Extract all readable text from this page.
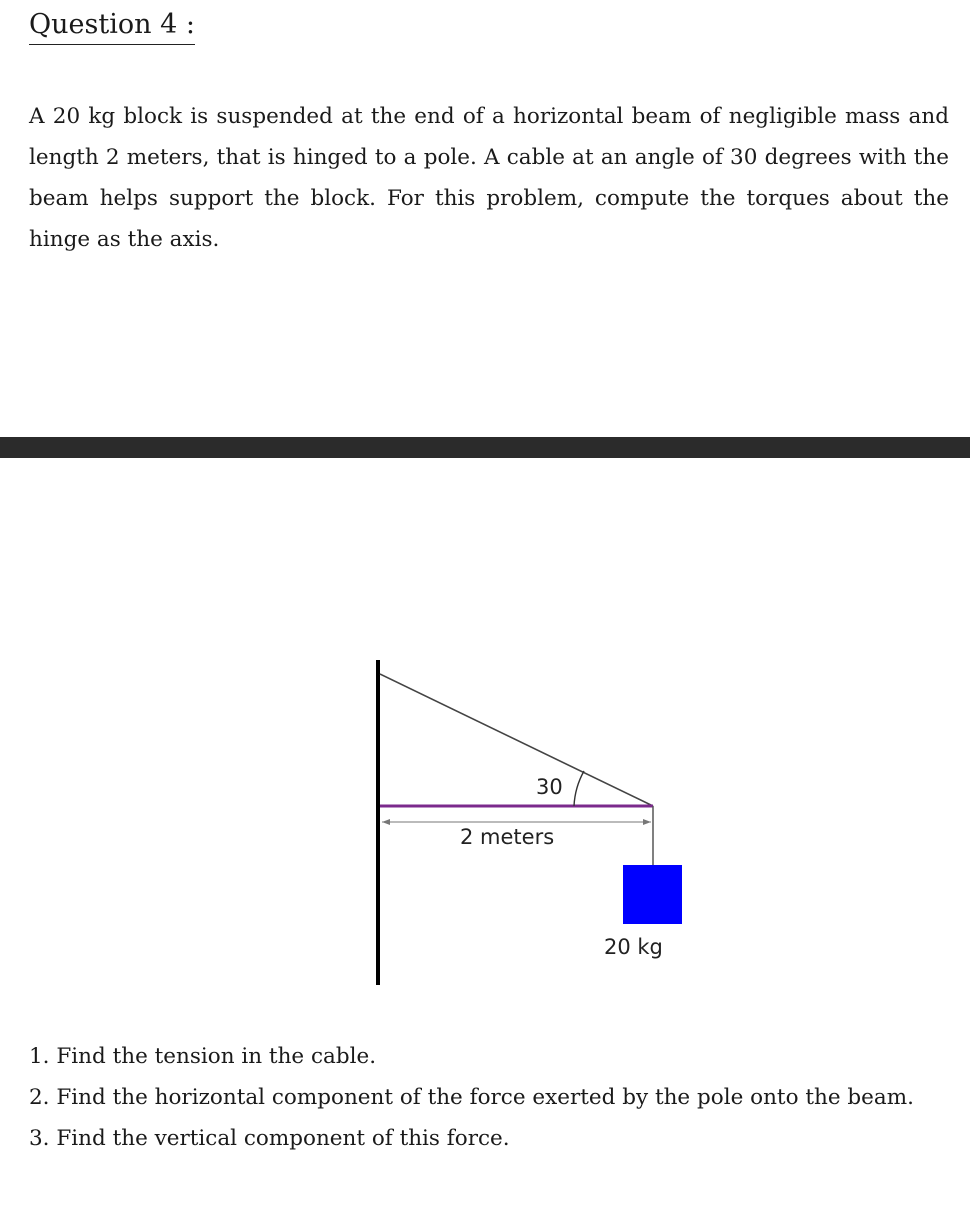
Question 4 :

A 20 kg block is suspended at the end of a horizontal beam of negligible mass and length 2 meters, that is hinged to a pole. A cable at an angle of 30 degrees with the beam helps support the block. For this problem, compute the torques about the hinge as the axis.

30
2 meters
20 kg
1. Find the tension in the cable.
2. Find the horizontal component of the force exerted by the pole onto the beam.
3. Find the vertical component of this force.
